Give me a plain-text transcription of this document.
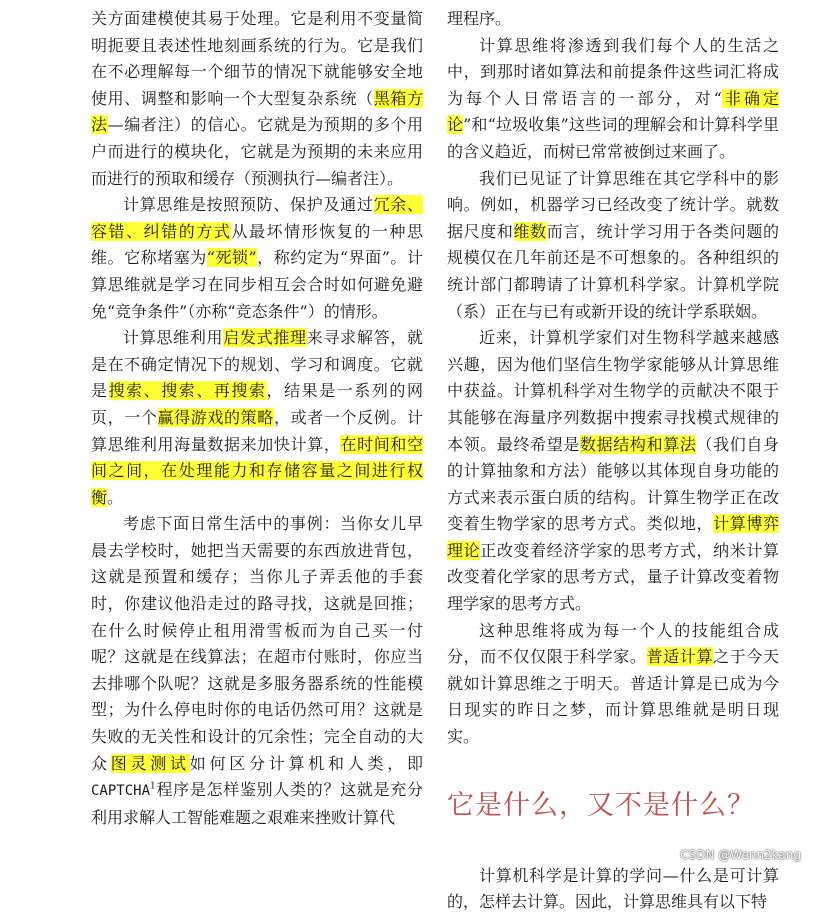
关方面建模使其易于处理。它是利用不变量简明扼要且表述性地刻画系统的行为。它是我们在不必理解每一个细节的情况下就能够安全地使用、调整和影响一个大型复杂系统（黑箱方法—编者注）的信心。它就是为预期的多个用户而进行的模块化，它就是为预期的未来应用而进行的预取和缓存（预测执行—编者注）。

计算思维是按照预防、保护及通过冗余、容错、纠错的方式从最坏情形恢复的一种思维。它称堵塞为“死锁”，称约定为“界面”。计算思维就是学习在同步相互会合时如何避免避免“竞争条件”（亦称“竞态条件”）的情形。

计算思维利用启发式推理来寻求解答，就是在不确定情况下的规划、学习和调度。它就是搜索、搜索、再搜索，结果是一系列的网页，一个赢得游戏的策略，或者一个反例。计算思维利用海量数据来加快计算，在时间和空间之间，在处理能力和存储容量之间进行权衡。

考虑下面日常生活中的事例：当你女儿早晨去学校时，她把当天需要的东西放进背包，这就是预置和缓存；当你儿子弄丢他的手套时，你建议他沿走过的路寻找，这就是回推；在什么时候停止租用滑雪板而为自己买一付呢？这就是在线算法；在超市付账时，你应当去排哪个队呢？这就是多服务器系统的性能模型；为什么停电时你的电话仍然可用？这就是失败的无关性和设计的冗余性；完全自动的大众图灵测试如何区分计算机和人类，即CAPTCHA$^1$程序是怎样鉴别人类的？这就是充分利用求解人工智能难题之艰难来挫败计算代

理程序。

计算思维将渗透到我们每个人的生活之中，到那时诸如算法和前提条件这些词汇将成为每个人日常语言的一部分，对“非确定论”和“垃圾收集”这些词的理解会和计算科学里的含义趋近，而树已常常被倒过来画了。

我们已见证了计算思维在其它学科中的影响。例如，机器学习已经改变了统计学。就数据尺度和维数而言，统计学习用于各类问题的规模仅在几年前还是不可想象的。各种组织的统计部门都聘请了计算机科学家。计算机学院（系）正在与已有或新开设的统计学系联姻。

近来，计算机学家们对生物科学越来越感兴趣，因为他们坚信生物学家能够从计算思维中获益。计算机科学对生物学的贡献决不限于其能够在海量序列数据中搜索寻找模式规律的本领。最终希望是数据结构和算法（我们自身的计算抽象和方法）能够以其体现自身功能的方式来表示蛋白质的结构。计算生物学正在改变着生物学家的思考方式。类似地，计算博弈理论正改变着经济学家的思考方式，纳米计算改变着化学家的思考方式，量子计算改变着物理学家的思考方式。

这种思维将成为每一个人的技能组合成分，而不仅仅限于科学家。普适计算之于今天就如计算思维之于明天。普适计算是已成为今日现实的昨日之梦，而计算思维就是明日现实。

它是什么，又不是什么？

计算机科学是计算的学问—什么是可计算的，怎样去计算。因此，计算思维具有以下特

CSDN @Wenn2kang
